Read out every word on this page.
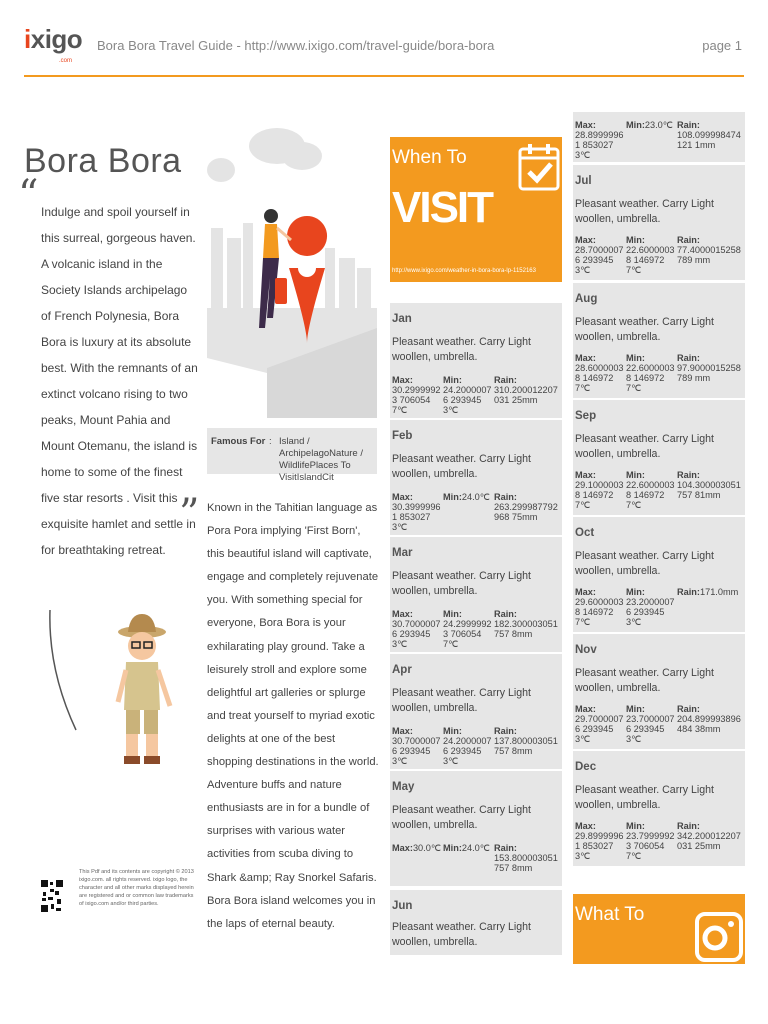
ixigo
.com
Bora Bora Travel Guide - http://www.ixigo.com/travel-guide/bora-bora	page 1
Bora Bora
“ Indulge and spoil yourself in this surreal, gorgeous haven. A volcanic island in the Society Islands archipelago of French Polynesia, Bora Bora is luxury at its absolute best. With the remnants of an extinct volcano rising to two peaks, Mount Pahia and Mount Otemanu, the island is home to some of the finest five star resorts . Visit this exquisite hamlet and settle in for breathtaking retreat.
Famous For : Island / ArchipelagoNature / WildlifePlaces To VisitIslandCit
” Known in the Tahitian language as Pora Pora implying 'First Born', this beautiful island will captivate, engage and completely rejuvenate you. With something special for everyone, Bora Bora is your exhilarating play ground. Take a leisurely stroll and explore some delightful art galleries or splurge and treat yourself to myriad exotic delights at one of the best shopping destinations in the world. Adventure buffs and nature enthusiasts are in for a bundle of surprises with various water activities from scuba diving to Shark &amp; Ray Snorkel Safaris. Bora Bora island welcomes you in the laps of eternal beauty.
This Pdf and its contents are copyright © 2013 ixigo.com. all rights reserved. ixigo logo, the character and all other marks displayed herein are registered and or common law trademarks of ixigo.com and/or third parties.
When To
VISIT
http://www.ixigo.com/weather-in-bora-bora-lp-1152163
Jan
Pleasant weather. Carry Light woollen, umbrella.
Max:
30.29999923 7060547℃
Min:
24.20000076 2939453℃
Rain:
310.200012207031 25mm
Feb
Pleasant weather. Carry Light woollen, umbrella.
Max:
30.39999961 8530273℃
Min:24.0℃ Rain:
263.299987792968 75mm
Mar
Pleasant weather. Carry Light woollen, umbrella.
Max:
30.70000076 2939453℃
Min:
24.29999923 7060547℃
Rain:
182.300003051757 8mm
Apr
Pleasant weather. Carry Light woollen, umbrella.
Max:
30.70000076 2939453℃
Min:
24.20000076 2939453℃
Rain:
137.800003051757 8mm
May
Pleasant weather. Carry Light woollen, umbrella.
Max:30.0℃ Min:24.0℃ Rain:
153.800003051757 8mm
Jun
Pleasant weather. Carry Light woollen, umbrella.
Max:
28.89999961 8530273℃
Min:23.0℃ Rain:
108.099998474121 1mm
Jul
Pleasant weather. Carry Light woollen, umbrella.
Max:
28.70000076 2939453℃
Min:
22.60000038 1469727℃
Rain:
77.4000015258789 mm
Aug
Pleasant weather. Carry Light woollen, umbrella.
Max:
28.60000038 1469727℃
Min:
22.60000038 1469727℃
Rain:
97.9000015258789 mm
Sep
Pleasant weather. Carry Light woollen, umbrella.
Max:
29.10000038 1469727℃
Min:
22.60000038 1469727℃
Rain:
104.300003051757 81mm
Oct
Pleasant weather. Carry Light woollen, umbrella.
Max:
29.60000038 1469727℃
Min:
23.20000076 2939453℃
Rain:171.0mm
Nov
Pleasant weather. Carry Light woollen, umbrella.
Max:
29.70000076 2939453℃
Min:
23.70000076 2939453℃
Rain:
204.899993896484 38mm
Dec
Pleasant weather. Carry Light woollen, umbrella.
Max:
29.89999961 8530273℃
Min:
23.79999923 7060547℃
Rain:
342.200012207031 25mm
What To
